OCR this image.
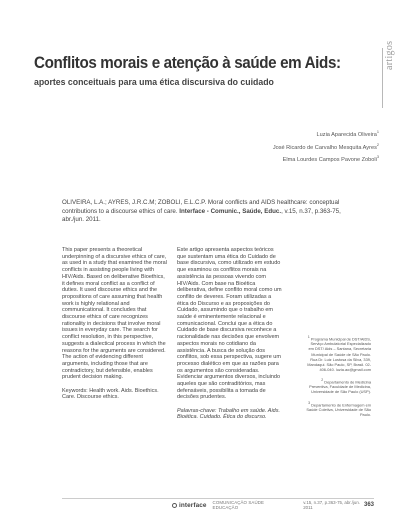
artigos
Conflitos morais e atenção à saúde em Aids:
aportes conceituais para uma ética discursiva do cuidado
Luzia Aparecida Oliveira$^1$
José Ricardo de Carvalho Mesquita Ayres$^2$
Elma Lourdes Campos Pavone Zoboli$^3$

OLIVEIRA, L.A.; AYRES, J.R.C.M; ZOBOLI, E.L.C.P. Moral conflicts and AIDS healthcare: conceptual contributions to a discourse ethics of care. Interface - Comunic., Saúde, Educ., v.15, n.37, p.363-75, abr./jun. 2011.

This paper presents a theoretical underpinning of a discursive ethics of care, as used in a study that examined the moral conflicts in assisting people living with HIV/Aids. Based on deliberative Bioethics, it defines moral conflict as a conflict of duties. It used discourse ethics and the propositions of care assuming that health work is highly relational and communicational. It concludes that discourse ethics of care recognizes rationality in decisions that involve moral issues in everyday care. The search for conflict resolution, in this perspective, suggests a dialectical process in which the reasons for the arguments are considered. The action of evidencing different arguments, including those that are contradictory, but defensible, enables prudent decision making.

Keywords: Health work. Aids. Bioethics. Care. Discourse ethics.

Este artigo apresenta aspectos teóricos que sustentam uma ética do Cuidado de base discursiva, como utilizado em estudo que examinou os conflitos morais na assistência às pessoas vivendo com HIV/Aids. Com base na Bioética deliberativa, define conflito moral como um conflito de deveres. Foram utilizadas a ética do Discurso e as proposições do Cuidado, assumindo que o trabalho em saúde é eminentemente relacional e comunicacional. Conclui que a ética do Cuidado de base discursiva reconhece a racionalidade nas decisões que envolvem aspectos morais no cotidiano da assistência. A busca de solução dos conflitos, sob essa perspectiva, sugere um processo dialético em que as razões para os argumentos são consideradas. Evidenciar argumentos diversos, incluindo aqueles que são contraditórios, mas defensáveis, possibilita a tomada de decisões prudentes.

Palavras-chave: Trabalho em saúde. Aids. Bioética. Cuidado. Ética do discurso.

$^1$ Programa Municipal de DST/AIDS, Serviço Ambulatorial Especializado em DST/ Aids – Santana, Secretaria Municipal de Saúde de São Paulo. Rua Dr. Luiz Lustosa da Silva, 339, Mandaqui. São Paulo, SP, Brasil. 02-406-040. luzia.ao@gmail.com

$^2$ Departamento de Medicina Preventiva, Faculdade de Medicina, Universidade de São Paulo (USP).

$^3$ Departamento de Enfermagem em Saúde Coletiva, Universidade de São Paulo.

interface COMUNICAÇÃO SAÚDE EDUCAÇÃO
v.15, n.37, p.363-75, abr./jun. 2011	363
